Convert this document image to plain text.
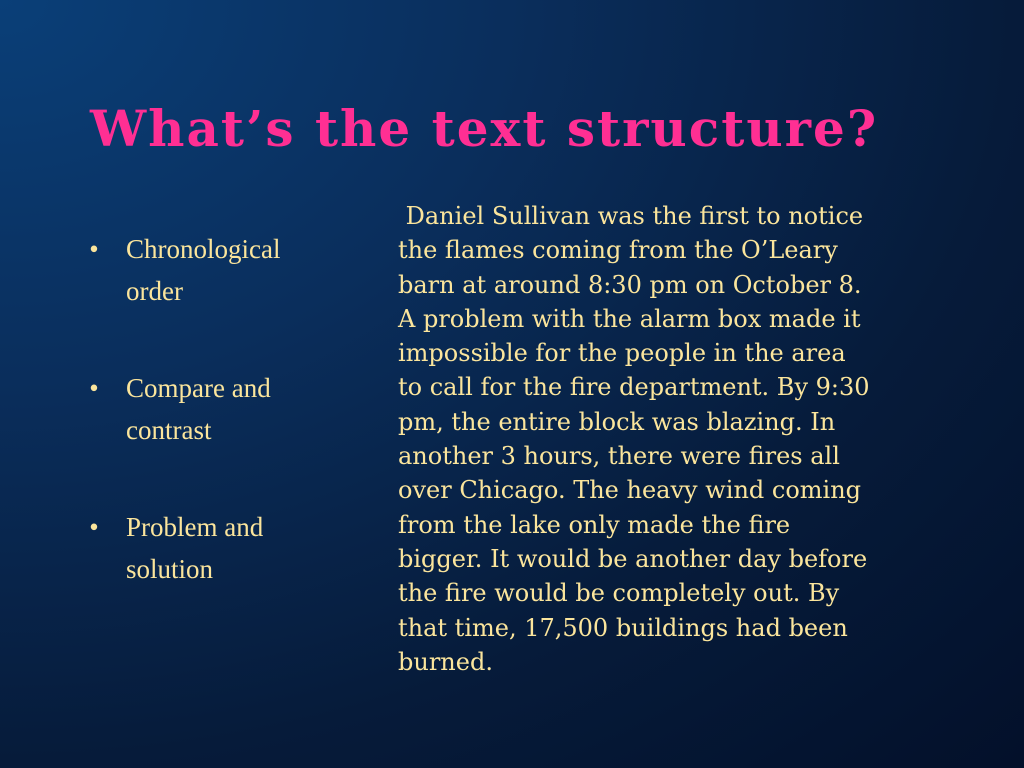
What’s the text structure?
• Chronological order
• Compare and contrast
• Problem and solution
Daniel Sullivan was the first to notice
the flames coming from the O’Leary
barn at around 8:30 pm on October 8.
A problem with the alarm box made it
impossible for the people in the area
to call for the fire department. By 9:30
pm, the entire block was blazing. In
another 3 hours, there were fires all
over Chicago. The heavy wind coming
from the lake only made the fire
bigger. It would be another day before
the fire would be completely out. By
that time, 17,500 buildings had been
burned.
